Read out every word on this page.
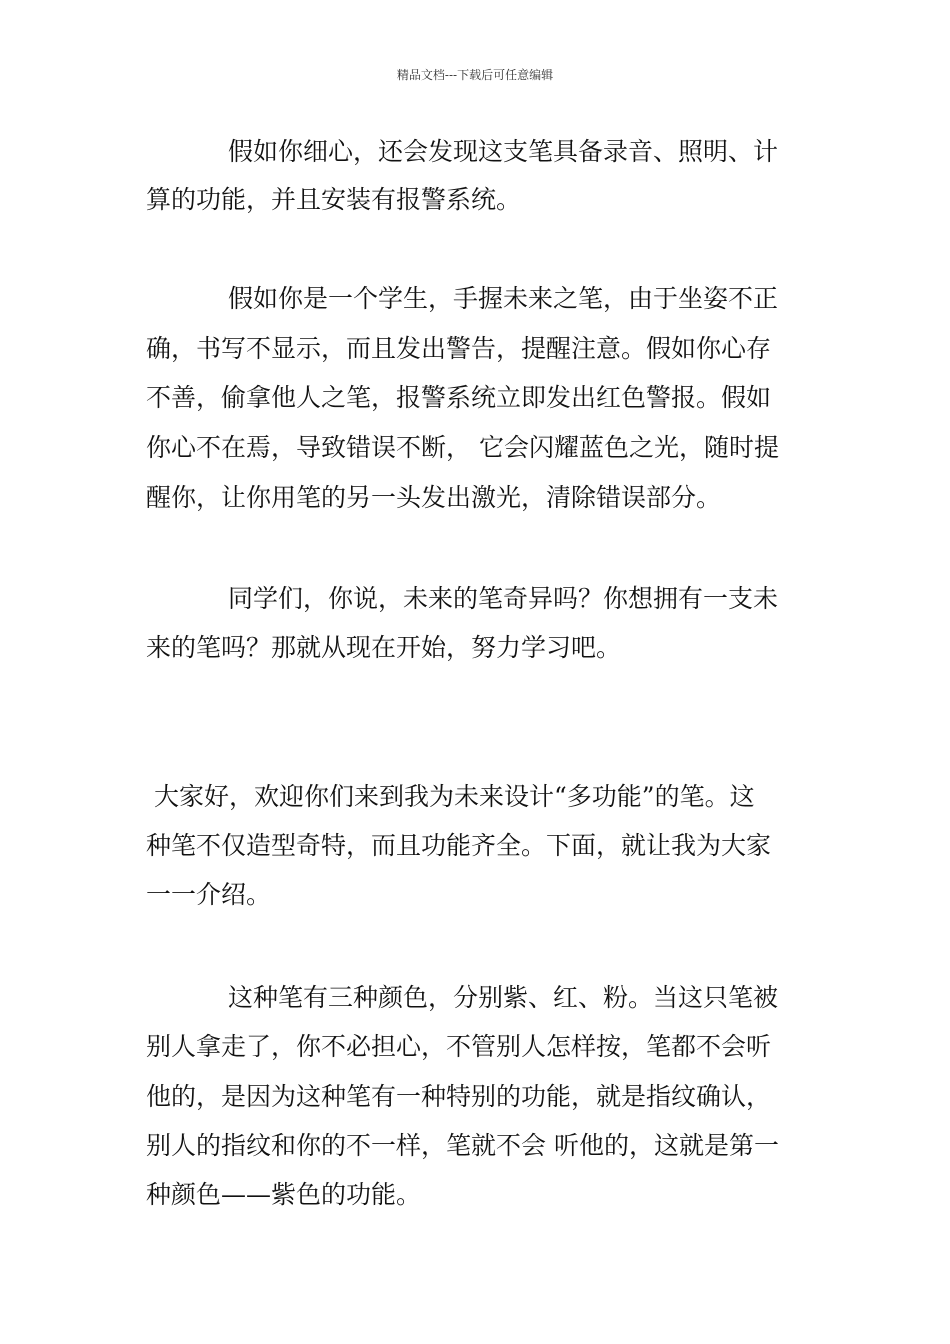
精品文档---下载后可任意编辑
假如你细心，还会发现这支笔具备录音、照明、计
算的功能，并且安装有报警系统。
假如你是一个学生，手握未来之笔，由于坐姿不正
确，书写不显示，而且发出警告，提醒注意。假如你心存
不善，偷拿他人之笔，报警系统立即发出红色警报。假如
你心不在焉，导致错误不断， 它会闪耀蓝色之光，随时提
醒你，让你用笔的另一头发出激光，清除错误部分。
同学们，你说，未来的笔奇异吗？你想拥有一支未
来的笔吗？那就从现在开始，努力学习吧。
大家好，欢迎你们来到我为未来设计“多功能”的笔。这
种笔不仅造型奇特，而且功能齐全。下面，就让我为大家
一一介绍。
这种笔有三种颜色，分别紫、红、粉。当这只笔被
别人拿走了，你不必担心，不管别人怎样按，笔都不会听
他的，是因为这种笔有一种特别的功能，就是指纹确认，
别人的指纹和你的不一样，笔就不会 听他的，这就是第一
种颜色——紫色的功能。
